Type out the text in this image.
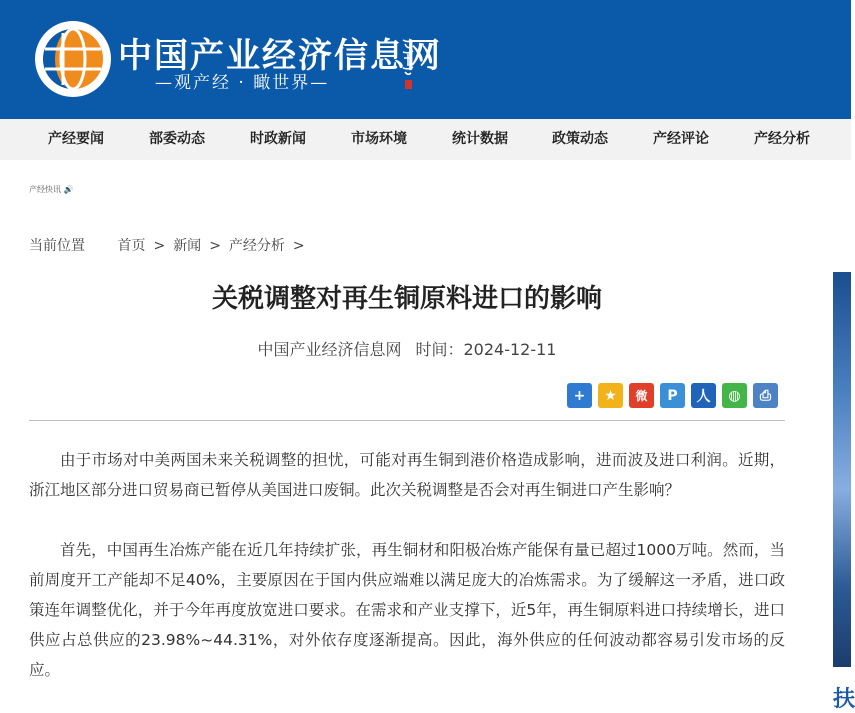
中国产业经济信息网
—观产经 · 瞰世界—
产经要闻	部委动态	时政新闻	市场环境	统计数据	政策动态	产经评论	产经分析
产经快讯 🔊
当前位置 首页 > 新闻 > 产经分析 >
关税调整对再生铜原料进口的影响
中国产业经济信息网 时间：2024-12-11
+ ★ 微 P 人 ◍ ⎙

由于市场对中美两国未来关税调整的担忧，可能对再生铜到港价格造成影响，进而波及进口利润。近期，浙江地区部分进口贸易商已暂停从美国进口废铜。此次关税调整是否会对再生铜进口产生影响？

首先，中国再生冶炼产能在近几年持续扩张，再生铜材和阳极冶炼产能保有量已超过1000万吨。然而，当前周度开工产能却不足40%，主要原因在于国内供应端难以满足庞大的冶炼需求。为了缓解这一矛盾，进口政策连年调整优化，并于今年再度放宽进口要求。在需求和产业支撑下，近5年，再生铜原料进口持续增长，进口供应占总供应的23.98%~44.31%，对外依存度逐渐提高。因此，海外供应的任何波动都容易引发市场的反应。

扶
